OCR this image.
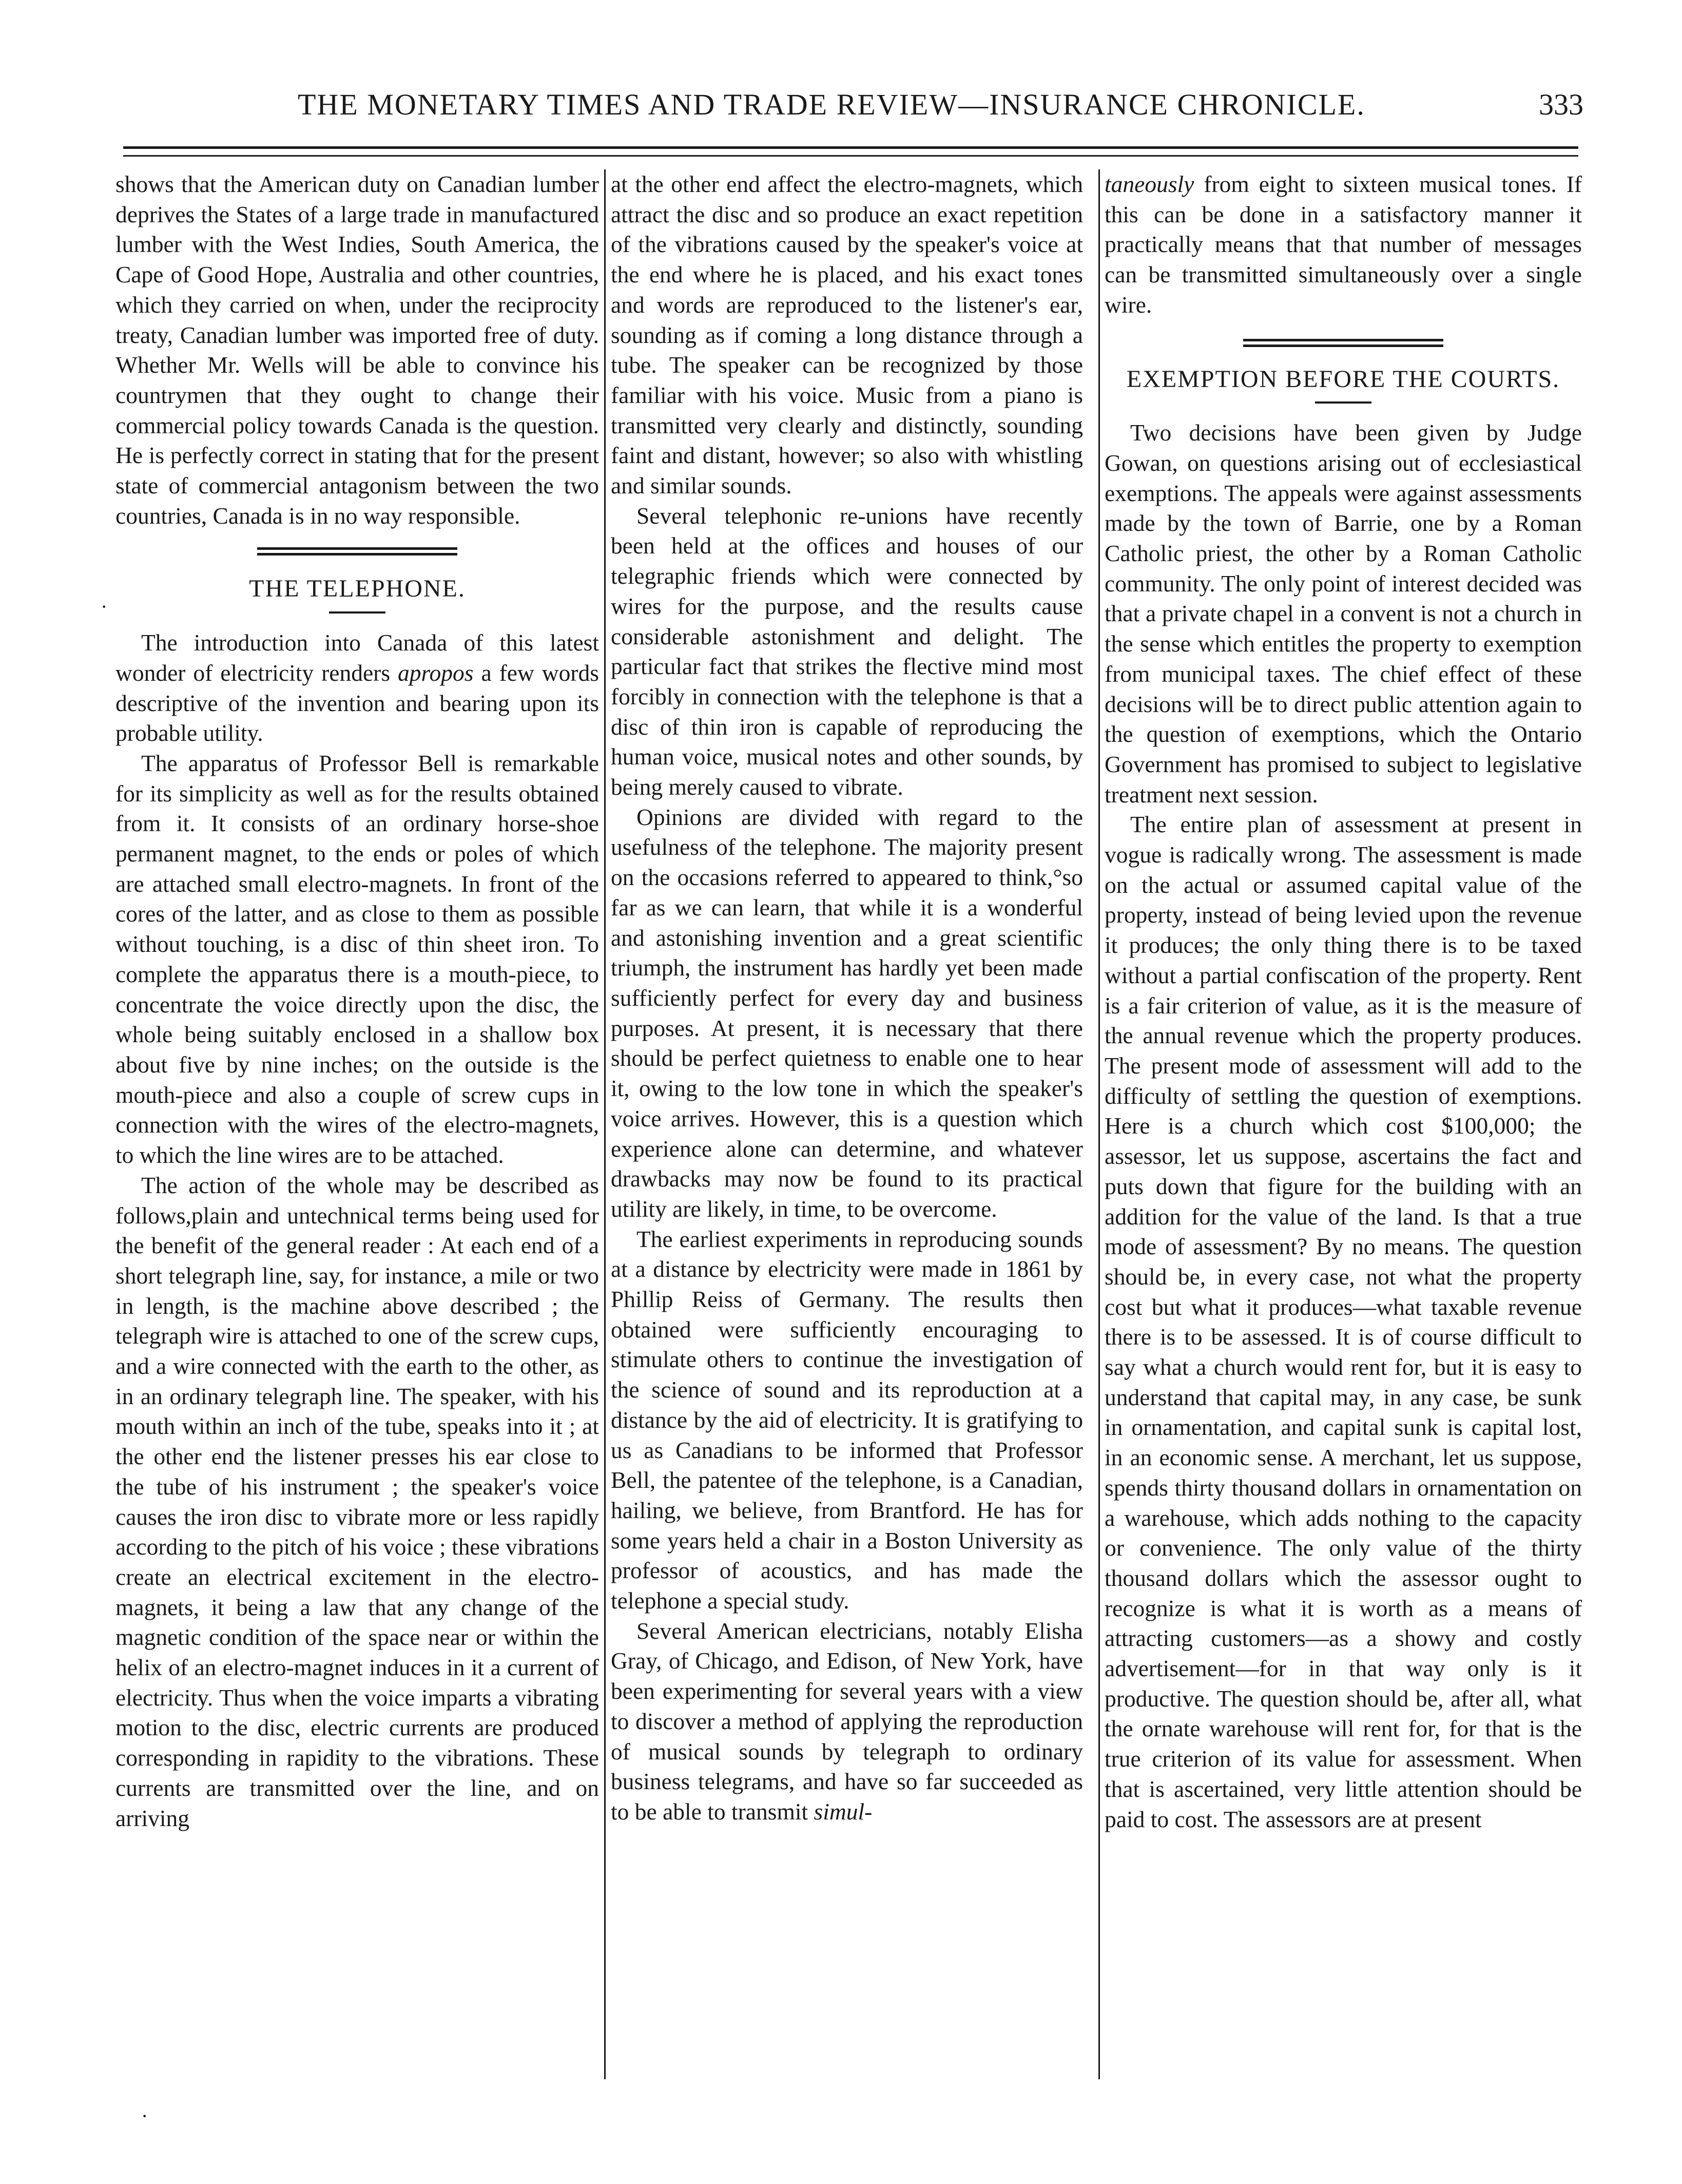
THE MONETARY TIMES AND TRADE REVIEW—INSURANCE CHRONICLE.	333

shows that the American duty on Canadian lumber deprives the States of a large trade in manufactured lumber with the West Indies, South America, the Cape of Good Hope, Australia and other countries, which they carried on when, under the reciprocity treaty, Canadian lumber was imported free of duty. Whether Mr. Wells will be able to convince his countrymen that they ought to change their commercial policy towards Canada is the question. He is perfectly correct in stating that for the present state of commercial antagonism between the two countries, Canada is in no way responsible.

THE TELEPHONE.

The introduction into Canada of this latest wonder of electricity renders apropos a few words descriptive of the invention and bearing upon its probable utility.

The apparatus of Professor Bell is remarkable for its simplicity as well as for the results obtained from it. It consists of an ordinary horse-shoe permanent magnet, to the ends or poles of which are attached small electro-magnets. In front of the cores of the latter, and as close to them as possible without touching, is a disc of thin sheet iron. To complete the apparatus there is a mouth-piece, to concentrate the voice directly upon the disc, the whole being suitably enclosed in a shallow box about five by nine inches; on the outside is the mouth-piece and also a couple of screw cups in connection with the wires of the electro-magnets, to which the line wires are to be attached.

The action of the whole may be described as follows,plain and untechnical terms being used for the benefit of the general reader : At each end of a short telegraph line, say, for instance, a mile or two in length, is the machine above described ; the telegraph wire is attached to one of the screw cups, and a wire connected with the earth to the other, as in an ordinary telegraph line. The speaker, with his mouth within an inch of the tube, speaks into it ; at the other end the listener presses his ear close to the tube of his instrument ; the speaker's voice causes the iron disc to vibrate more or less rapidly according to the pitch of his voice ; these vibrations create an electrical excitement in the electro-magnets, it being a law that any change of the magnetic condition of the space near or within the helix of an electro-magnet induces in it a current of electricity. Thus when the voice imparts a vibrating motion to the disc, electric currents are produced corresponding in rapidity to the vibrations. These currents are transmitted over the line, and on arriving

at the other end affect the electro-magnets, which attract the disc and so produce an exact repetition of the vibrations caused by the speaker's voice at the end where he is placed, and his exact tones and words are reproduced to the listener's ear, sounding as if coming a long distance through a tube. The speaker can be recognized by those familiar with his voice. Music from a piano is transmitted very clearly and distinctly, sounding faint and distant, however; so also with whistling and similar sounds.

Several telephonic re-unions have recently been held at the offices and houses of our telegraphic friends which were connected by wires for the purpose, and the results cause considerable astonishment and delight. The particular fact that strikes the flective mind most forcibly in connection with the telephone is that a disc of thin iron is capable of reproducing the human voice, musical notes and other sounds, by being merely caused to vibrate.

Opinions are divided with regard to the usefulness of the telephone. The majority present on the occasions referred to appeared to think,°so far as we can learn, that while it is a wonderful and astonishing invention and a great scientific triumph, the instrument has hardly yet been made sufficiently perfect for every day and business purposes. At present, it is necessary that there should be perfect quietness to enable one to hear it, owing to the low tone in which the speaker's voice arrives. However, this is a question which experience alone can determine, and whatever drawbacks may now be found to its practical utility are likely, in time, to be overcome.

The earliest experiments in reproducing sounds at a distance by electricity were made in 1861 by Phillip Reiss of Germany. The results then obtained were sufficiently encouraging to stimulate others to continue the investigation of the science of sound and its reproduction at a distance by the aid of electricity. It is gratifying to us as Canadians to be informed that Professor Bell, the patentee of the telephone, is a Canadian, hailing, we believe, from Brantford. He has for some years held a chair in a Boston University as professor of acoustics, and has made the telephone a special study.

Several American electricians, notably Elisha Gray, of Chicago, and Edison, of New York, have been experimenting for several years with a view to discover a method of applying the reproduction of musical sounds by telegraph to ordinary business telegrams, and have so far succeeded as to be able to transmit simul-

taneously from eight to sixteen musical tones. If this can be done in a satisfactory manner it practically means that that number of messages can be transmitted simultaneously over a single wire.

EXEMPTION BEFORE THE COURTS.

Two decisions have been given by Judge Gowan, on questions arising out of ecclesiastical exemptions. The appeals were against assessments made by the town of Barrie, one by a Roman Catholic priest, the other by a Roman Catholic community. The only point of interest decided was that a private chapel in a convent is not a church in the sense which entitles the property to exemption from municipal taxes. The chief effect of these decisions will be to direct public attention again to the question of exemptions, which the Ontario Government has promised to subject to legislative treatment next session.

The entire plan of assessment at present in vogue is radically wrong. The assessment is made on the actual or assumed capital value of the property, instead of being levied upon the revenue it produces; the only thing there is to be taxed without a partial confiscation of the property. Rent is a fair criterion of value, as it is the measure of the annual revenue which the property produces. The present mode of assessment will add to the difficulty of settling the question of exemptions. Here is a church which cost $100,000; the assessor, let us suppose, ascertains the fact and puts down that figure for the building with an addition for the value of the land. Is that a true mode of assessment? By no means. The question should be, in every case, not what the property cost but what it produces—what taxable revenue there is to be assessed. It is of course difficult to say what a church would rent for, but it is easy to understand that capital may, in any case, be sunk in ornamentation, and capital sunk is capital lost, in an economic sense. A merchant, let us suppose, spends thirty thousand dollars in ornamentation on a warehouse, which adds nothing to the capacity or convenience. The only value of the thirty thousand dollars which the assessor ought to recognize is what it is worth as a means of attracting customers—as a showy and costly advertisement—for in that way only is it productive. The question should be, after all, what the ornate warehouse will rent for, for that is the true criterion of its value for assessment. When that is ascertained, very little attention should be paid to cost. The assessors are at present

·
·
